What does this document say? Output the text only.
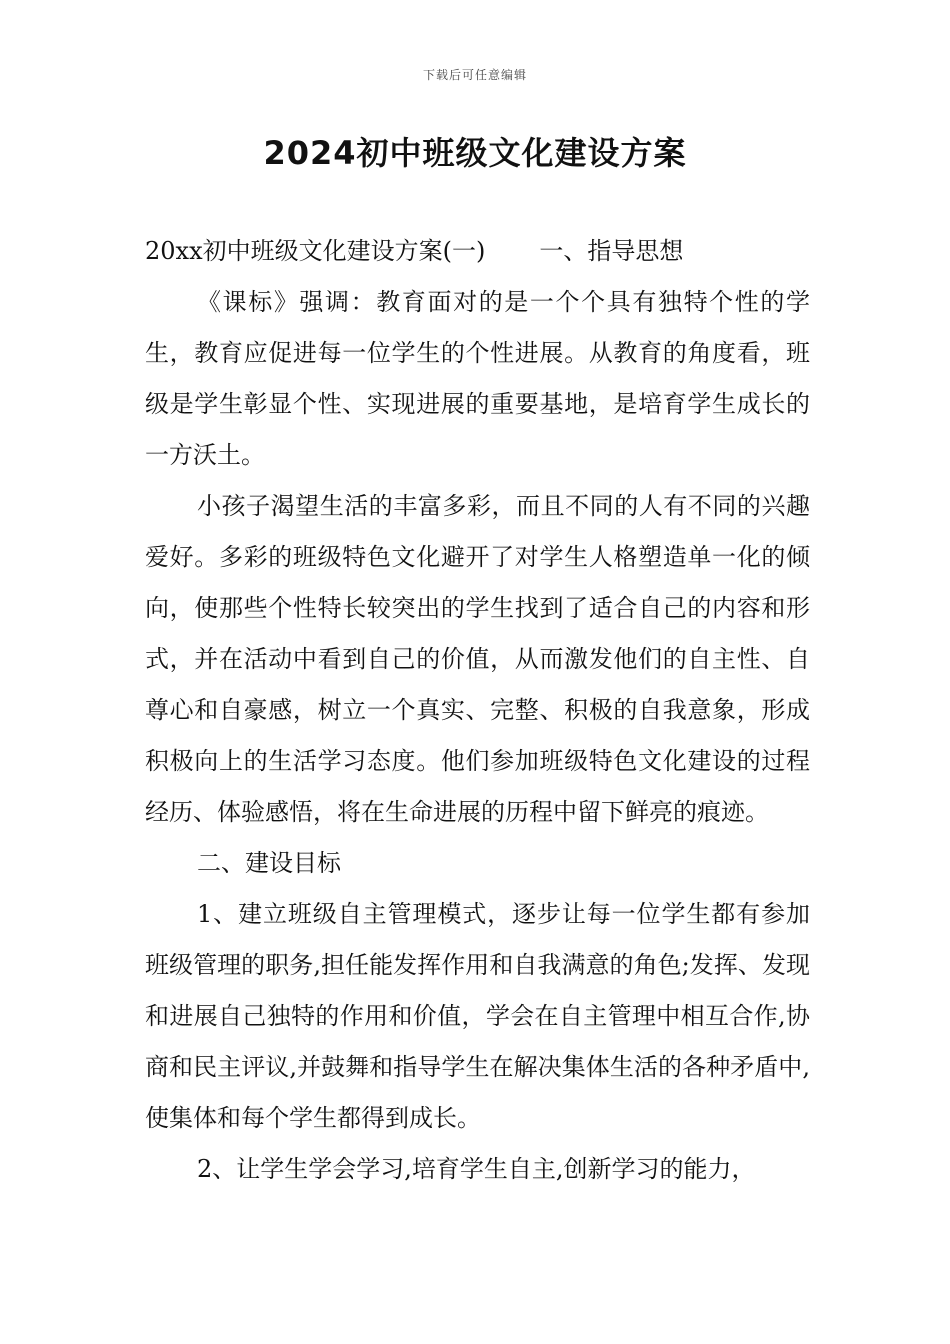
下载后可任意编辑
2024初中班级文化建设方案

20xx初中班级文化建设方案(一) 一、指导思想

《课标》强调：教育面对的是一个个具有独特个性的学生，教育应促进每一位学生的个性进展。从教育的角度看，班级是学生彰显个性、实现进展的重要基地，是培育学生成长的一方沃土。

小孩子渴望生活的丰富多彩，而且不同的人有不同的兴趣爱好。多彩的班级特色文化避开了对学生人格塑造单一化的倾向，使那些个性特长较突出的学生找到了适合自己的内容和形式，并在活动中看到自己的价值，从而激发他们的自主性、自尊心和自豪感，树立一个真实、完整、积极的自我意象，形成积极向上的生活学习态度。他们参加班级特色文化建设的过程经历、体验感悟，将在生命进展的历程中留下鲜亮的痕迹。

二、建设目标

1、建立班级自主管理模式，逐步让每一位学生都有参加班级管理的职务,担任能发挥作用和自我满意的角色;发挥、发现和进展自己独特的作用和价值，学会在自主管理中相互合作,协商和民主评议,并鼓舞和指导学生在解决集体生活的各种矛盾中,使集体和每个学生都得到成长。

2、让学生学会学习,培育学生自主,创新学习的能力，
